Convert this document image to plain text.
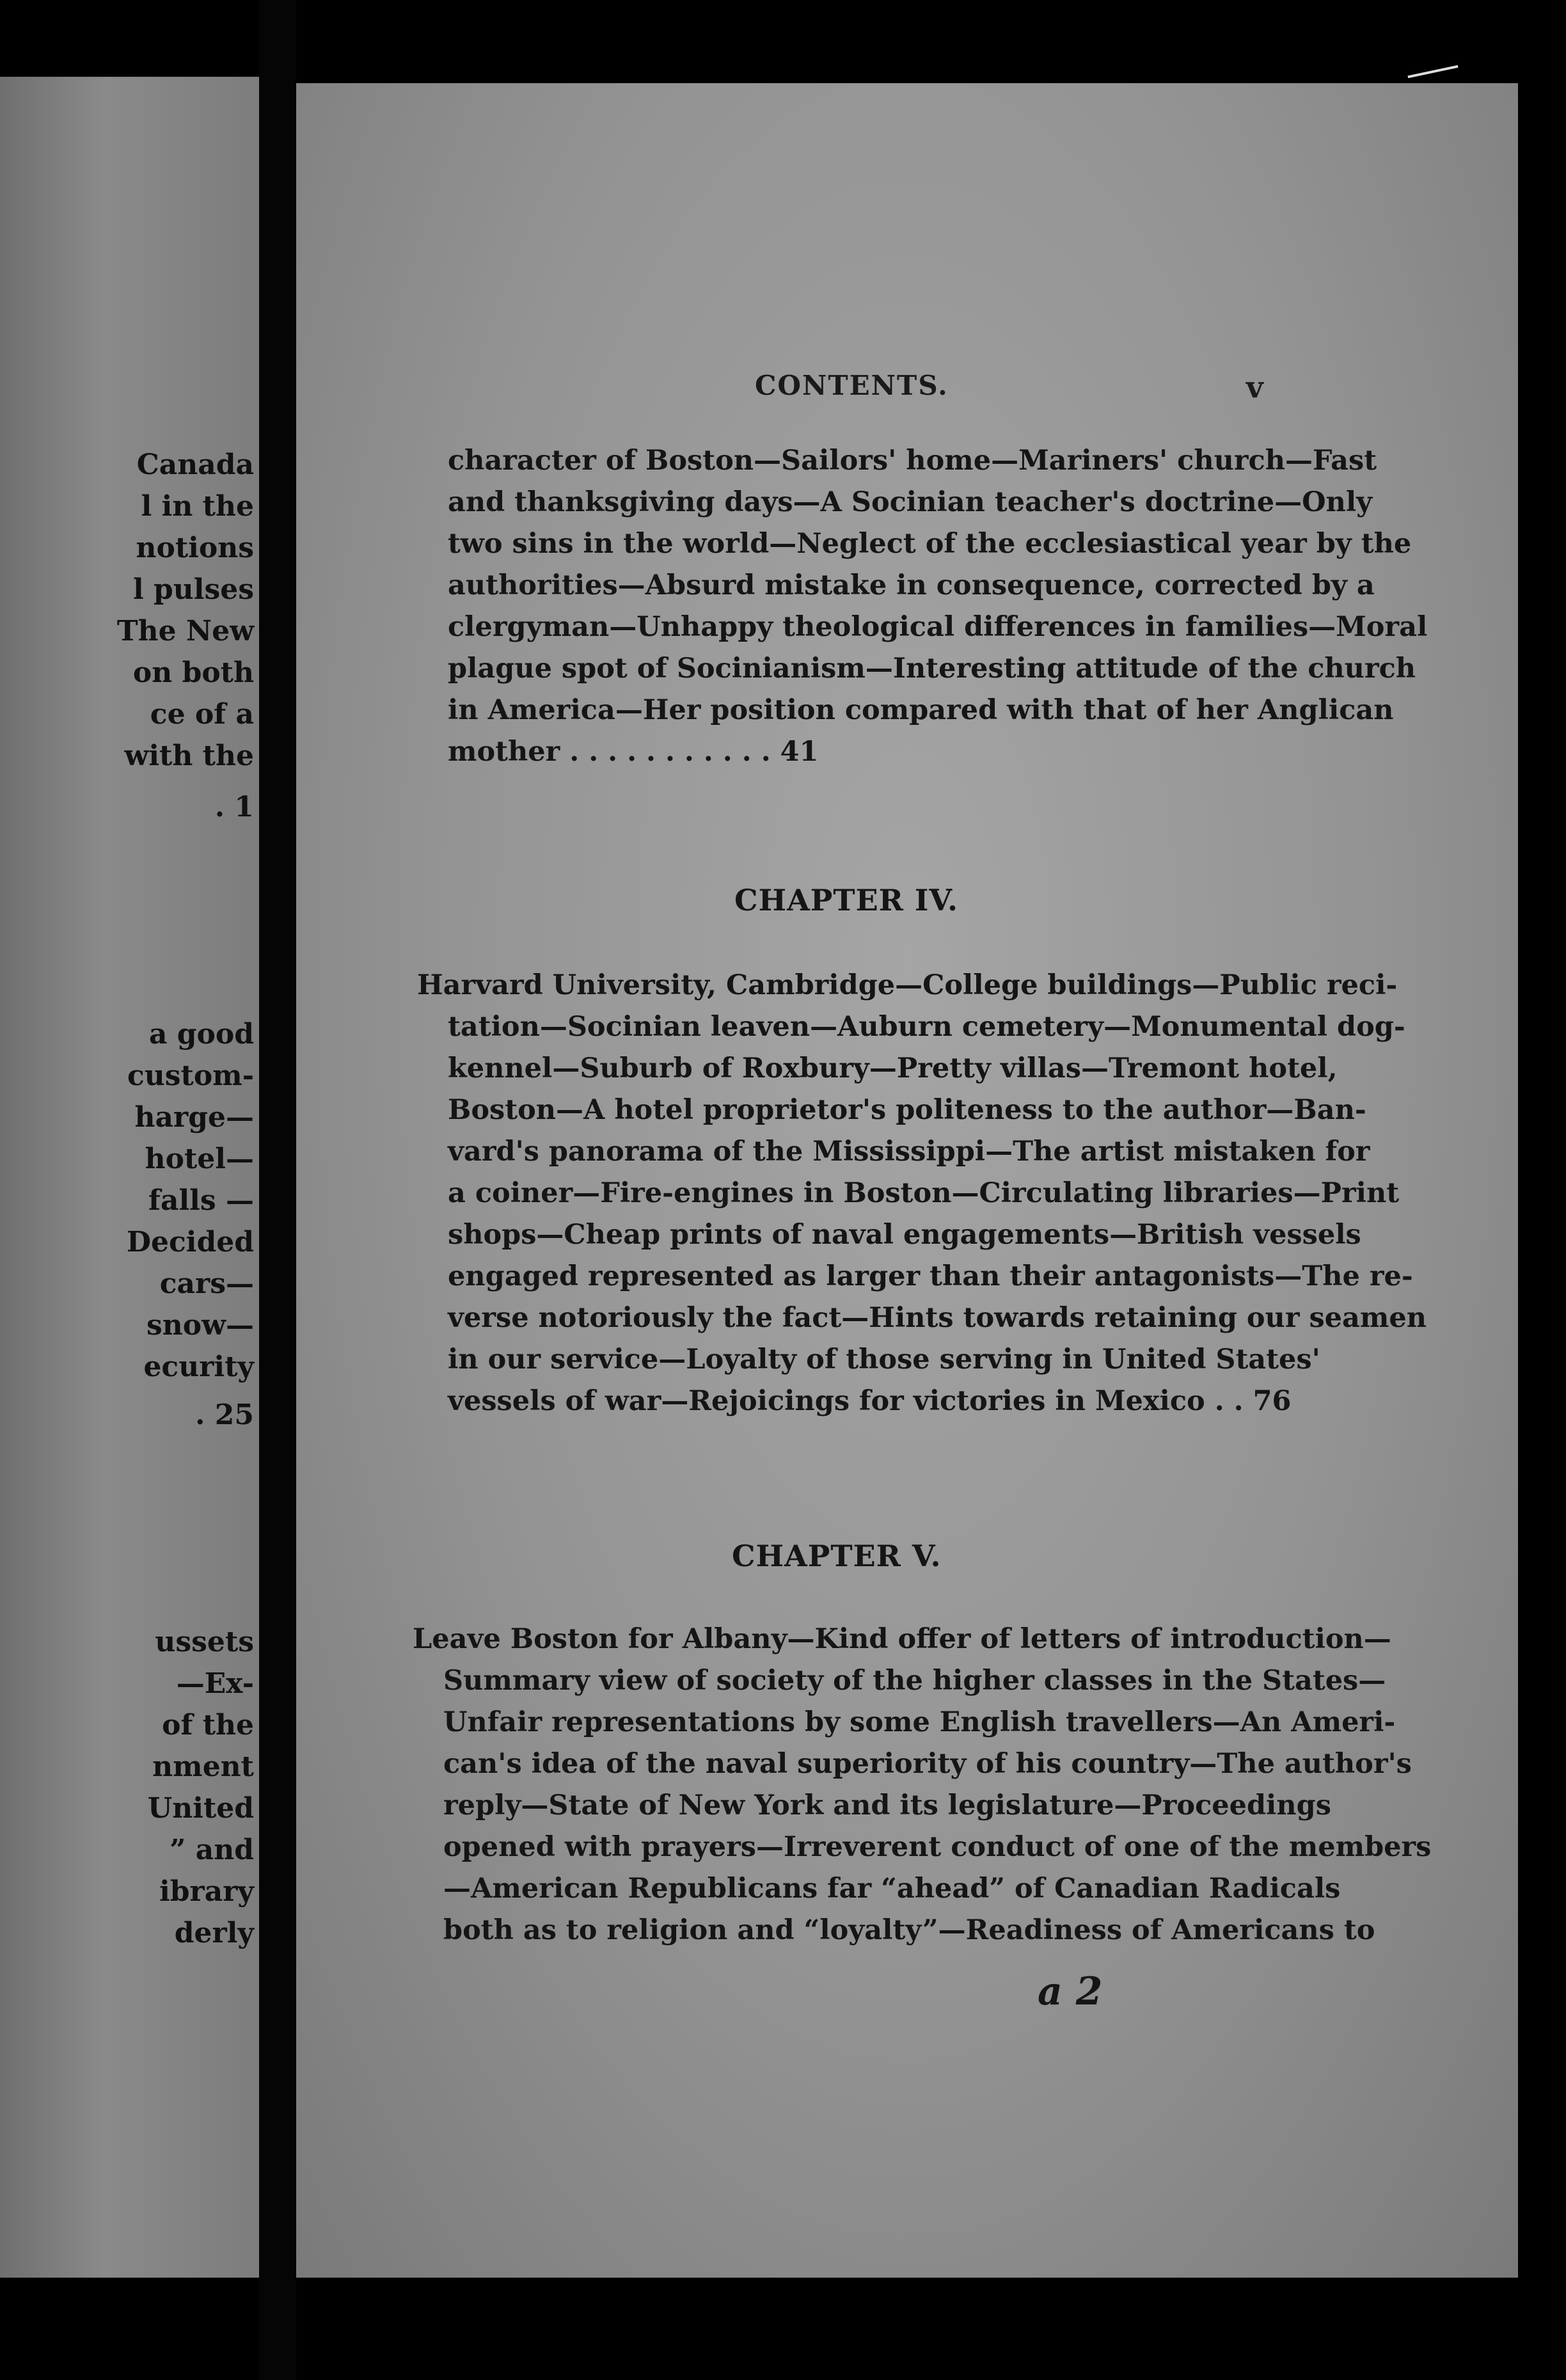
Canada
l in the
notions
l pulses
The New
on both
ce of a
with the
. 1
a good
custom-
harge—
hotel—
falls —
Decided
cars—
snow—
ecurity
. 25
ussets
—Ex-
of the
nment
United
” and
ibrary
derly
CONTENTS.	v
character of Boston—Sailors' home—Mariners' church—Fast
and thanksgiving days—A Socinian teacher's doctrine—Only
two sins in the world—Neglect of the ecclesiastical year by the
authorities—Absurd mistake in consequence, corrected by a
clergyman—Unhappy theological differences in families—Moral
plague spot of Socinianism—Interesting attitude of the church
in America—Her position compared with that of her Anglican
mother . . . . . . . . . . . 41
CHAPTER IV.
Harvard University, Cambridge—College buildings—Public reci-
tation—Socinian leaven—Auburn cemetery—Monumental dog-
kennel—Suburb of Roxbury—Pretty villas—Tremont hotel,
Boston—A hotel proprietor's politeness to the author—Ban-
vard's panorama of the Mississippi—The artist mistaken for
a coiner—Fire-engines in Boston—Circulating libraries—Print
shops—Cheap prints of naval engagements—British vessels
engaged represented as larger than their antagonists—The re-
verse notoriously the fact—Hints towards retaining our seamen
in our service—Loyalty of those serving in United States'
vessels of war—Rejoicings for victories in Mexico . . 76
CHAPTER V.
Leave Boston for Albany—Kind offer of letters of introduction—
Summary view of society of the higher classes in the States—
Unfair representations by some English travellers—An Ameri-
can's idea of the naval superiority of his country—The author's
reply—State of New York and its legislature—Proceedings
opened with prayers—Irreverent conduct of one of the members
—American Republicans far “ahead” of Canadian Radicals
both as to religion and “loyalty”—Readiness of Americans to
a 2
